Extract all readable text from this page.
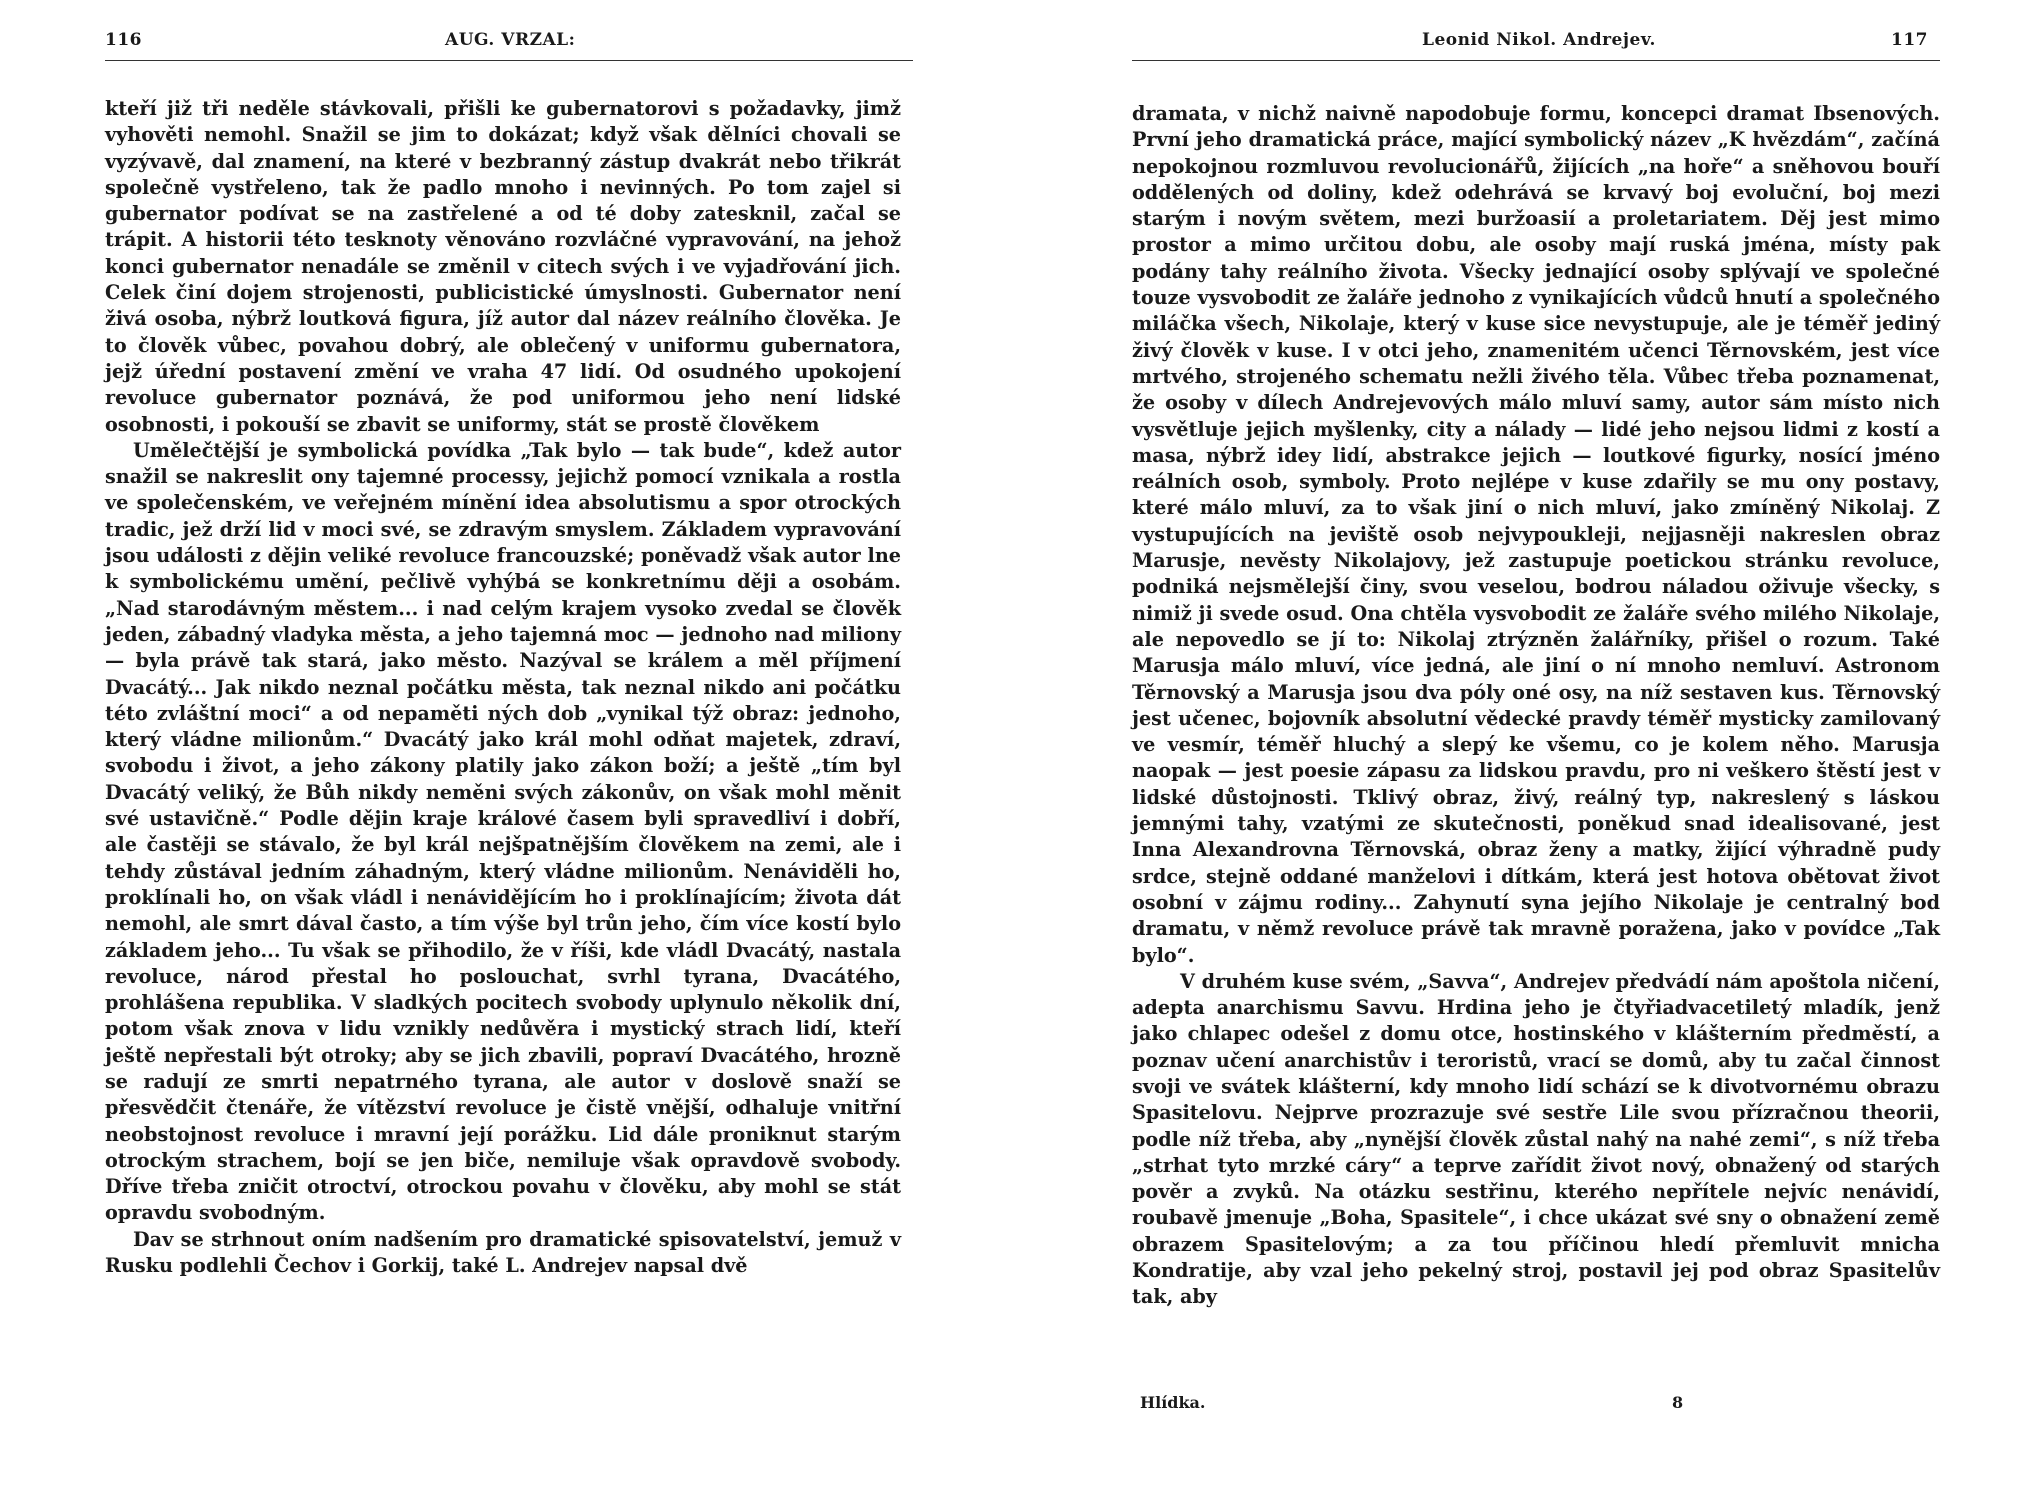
116	AUG. VRZAL:

kteří již tři neděle stávkovali, přišli ke gubernatorovi s požadavky, jimž vyhověti nemohl. Snažil se jim to dokázat; když však dělníci chovali se vyzývavě, dal znamení, na které v bezbranný zástup dvakrát nebo třikrát společně vystřeleno, tak že padlo mnoho i nevinných. Po tom zajel si gubernator podívat se na zastřelené a od té doby zatesknil, začal se trápit. A historii této tesknoty věnováno rozvláčné vypravování, na jehož konci gubernator nenadále se změnil v citech svých i ve vyjadřování jich. Celek činí dojem strojenosti, publicistické úmyslnosti. Gubernator není živá osoba, nýbrž loutková figura, jíž autor dal název reálního člověka. Je to člověk vůbec, povahou dobrý, ale oblečený v uniformu gubernatora, jejž úřední postavení změní ve vraha 47 lidí. Od osudného upokojení revoluce gubernator poznává, že pod uniformou jeho není lidské osobnosti, i pokouší se zbavit se uniformy, stát se prostě člověkem

Umělečtější je symbolická povídka „Tak bylo — tak bude“, kdež autor snažil se nakreslit ony tajemné processy, jejichž pomocí vznikala a rostla ve společenském, ve veřejném mínění idea absolutismu a spor otrockých tradic, jež drží lid v moci své, se zdravým smyslem. Základem vypravování jsou události z dějin veliké revoluce francouzské; poněvadž však autor lne k symbolickému umění, pečlivě vyhýbá se konkretnímu ději a osobám. „Nad starodávným městem... i nad celým krajem vysoko zvedal se člověk jeden, zábadný vladyka města, a jeho tajemná moc — jednoho nad miliony — byla právě tak stará, jako město. Nazýval se králem a měl příjmení Dvacátý... Jak nikdo neznal počátku města, tak neznal nikdo ani počátku této zvláštní moci“ a od nepaměti ných dob „vynikal týž obraz: jednoho, který vládne milionům.“ Dvacátý jako král mohl odňat majetek, zdraví, svobodu i život, a jeho zákony platily jako zákon boží; a ještě „tím byl Dvacátý veliký, že Bůh nikdy neměni svých zákonův, on však mohl měnit své ustavičně.“ Podle dějin kraje králové časem byli spravedliví i dobří, ale častěji se stávalo, že byl král nejšpatnějším člověkem na zemi, ale i tehdy zůstával jedním záhadným, který vládne milionům. Nenáviděli ho, proklínali ho, on však vládl i nenávidějícím ho i proklínajícím; života dát nemohl, ale smrt dával často, a tím výše byl trůn jeho, čím více kostí bylo základem jeho... Tu však se přihodilo, že v říši, kde vládl Dvacátý, nastala revoluce, národ přestal ho poslouchat, svrhl tyrana, Dvacátého, prohlášena republika. V sladkých pocitech svobody uplynulo několik dní, potom však znova v lidu vznikly nedůvěra i mystický strach lidí, kteří ještě nepřestali být otroky; aby se jich zbavili, popraví Dvacátého, hrozně se radují ze smrti nepatrného tyrana, ale autor v doslově snaží se přesvědčit čtenáře, že vítězství revoluce je čistě vnější, odhaluje vnitřní neobstojnost revoluce i mravní její porážku. Lid dále proniknut starým otrockým strachem, bojí se jen biče, nemiluje však opravdově svobody. Dříve třeba zničit otroctví, otrockou povahu v člověku, aby mohl se stát opravdu svobodným.

Dav se strhnout oním nadšením pro dramatické spisovatelství, jemuž v Rusku podlehli Čechov i Gorkij, také L. Andrejev napsal dvě

Leonid Nikol. Andrejev.	117

dramata, v nichž naivně napodobuje formu, koncepci dramat Ibsenových. První jeho dramatická práce, mající symbolický název „K hvězdám“, začíná nepokojnou rozmluvou revolucionářů, žijících „na hoře“ a sněhovou bouří oddělených od doliny, kdež odehrává se krvavý boj evoluční, boj mezi starým i novým světem, mezi buržoasií a proletariatem. Děj jest mimo prostor a mimo určitou dobu, ale osoby mají ruská jména, místy pak podány tahy reálního života. Všecky jednající osoby splývají ve společné touze vysvobodit ze žaláře jednoho z vynikajících vůdců hnutí a společného miláčka všech, Nikolaje, který v kuse sice nevystupuje, ale je téměř jediný živý člověk v kuse. I v otci jeho, znamenitém učenci Těrnovském, jest více mrtvého, strojeného schematu nežli živého těla. Vůbec třeba poznamenat, že osoby v dílech Andrejevových málo mluví samy, autor sám místo nich vysvětluje jejich myšlenky, city a nálady — lidé jeho nejsou lidmi z kostí a masa, nýbrž idey lidí, abstrakce jejich — loutkové figurky, nosící jméno reálních osob, symboly. Proto nejlépe v kuse zdařily se mu ony postavy, které málo mluví, za to však jiní o nich mluví, jako zmíněný Nikolaj. Z vystupujících na jeviště osob nejvypoukleji, nejjasněji nakreslen obraz Marusje, nevěsty Nikolajovy, jež zastupuje poetickou stránku revoluce, podniká nejsmělejší činy, svou veselou, bodrou náladou oživuje všecky, s nimiž ji svede osud. Ona chtěla vysvobodit ze žaláře svého milého Nikolaje, ale nepovedlo se jí to: Nikolaj ztrýzněn žalářníky, přišel o rozum. Také Marusja málo mluví, více jedná, ale jiní o ní mnoho nemluví. Astronom Těrnovský a Marusja jsou dva póly oné osy, na níž sestaven kus. Těrnovský jest učenec, bojovník absolutní vědecké pravdy téměř mysticky zamilovaný ve vesmír, téměř hluchý a slepý ke všemu, co je kolem něho. Marusja naopak — jest poesie zápasu za lidskou pravdu, pro ni veškero štěstí jest v lidské důstojnosti. Tklivý obraz, živý, reálný typ, nakreslený s láskou jemnými tahy, vzatými ze skutečnosti, poněkud snad idealisované, jest Inna Alexandrovna Těrnovská, obraz ženy a matky, žijící výhradně pudy srdce, stejně oddané manželovi i dítkám, která jest hotova obětovat život osobní v zájmu rodiny... Zahynutí syna jejího Nikolaje je centralný bod dramatu, v němž revoluce právě tak mravně poražena, jako v povídce „Tak bylo“.

V druhém kuse svém, „Savva“, Andrejev předvádí nám apoštola ničení, adepta anarchismu Savvu. Hrdina jeho je čtyřiadvacetiletý mladík, jenž jako chlapec odešel z domu otce, hostinského v klášterním předměstí, a poznav učení anarchistův i teroristů, vrací se domů, aby tu začal činnost svoji ve svátek klášterní, kdy mnoho lidí schází se k divotvornému obrazu Spasitelovu. Nejprve prozrazuje své sestře Lile svou přízračnou theorii, podle níž třeba, aby „nynější člověk zůstal nahý na nahé zemi“, s níž třeba „strhat tyto mrzké cáry“ a teprve zařídit život nový, obnažený od starých pověr a zvyků. Na otázku sestřinu, kterého nepřítele nejvíc nenávidí, roubavě jmenuje „Boha, Spasitele“, i chce ukázat své sny o obnažení země obrazem Spasitelovým; a za tou příčinou hledí přemluvit mnicha Kondratije, aby vzal jeho pekelný stroj, postavil jej pod obraz Spasitelův tak, aby

Hlídka.	8
